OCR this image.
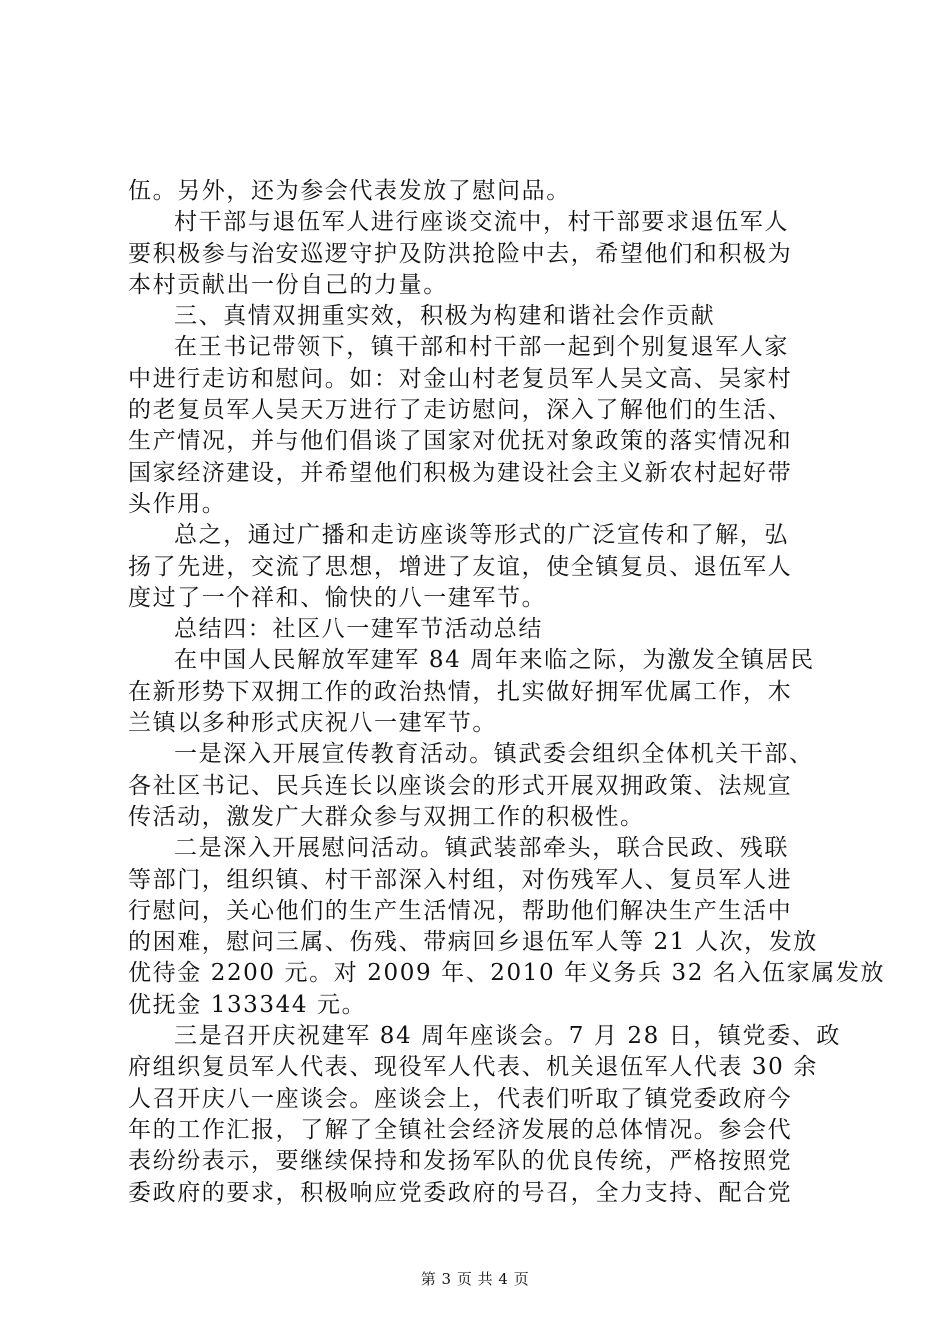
伍。另外，还为参会代表发放了慰问品。
村干部与退伍军人进行座谈交流中，村干部要求退伍军人
要积极参与治安巡逻守护及防洪抢险中去，希望他们和积极为
本村贡献出一份自己的力量。
三、真情双拥重实效，积极为构建和谐社会作贡献
在王书记带领下，镇干部和村干部一起到个别复退军人家
中进行走访和慰问。如：对金山村老复员军人吴文高、吴家村
的老复员军人吴天万进行了走访慰问，深入了解他们的生活、
生产情况，并与他们倡谈了国家对优抚对象政策的落实情况和
国家经济建设，并希望他们积极为建设社会主义新农村起好带
头作用。
总之，通过广播和走访座谈等形式的广泛宣传和了解，弘
扬了先进，交流了思想，增进了友谊，使全镇复员、退伍军人
度过了一个祥和、愉快的八一建军节。
总结四：社区八一建军节活动总结
在中国人民解放军建军 84 周年来临之际，为激发全镇居民
在新形势下双拥工作的政治热情，扎实做好拥军优属工作，木
兰镇以多种形式庆祝八一建军节。
一是深入开展宣传教育活动。镇武委会组织全体机关干部、
各社区书记、民兵连长以座谈会的形式开展双拥政策、法规宣
传活动，激发广大群众参与双拥工作的积极性。
二是深入开展慰问活动。镇武装部牵头，联合民政、残联
等部门，组织镇、村干部深入村组，对伤残军人、复员军人进
行慰问，关心他们的生产生活情况，帮助他们解决生产生活中
的困难，慰问三属、伤残、带病回乡退伍军人等 21 人次，发放
优待金 2200 元。对 2009 年、2010 年义务兵 32 名入伍家属发放
优抚金 133344 元。
三是召开庆祝建军 84 周年座谈会。7 月 28 日，镇党委、政
府组织复员军人代表、现役军人代表、机关退伍军人代表 30 余
人召开庆八一座谈会。座谈会上，代表们听取了镇党委政府今
年的工作汇报，了解了全镇社会经济发展的总体情况。参会代
表纷纷表示，要继续保持和发扬军队的优良传统，严格按照党
委政府的要求，积极响应党委政府的号召，全力支持、配合党
第 3 页 共 4 页
